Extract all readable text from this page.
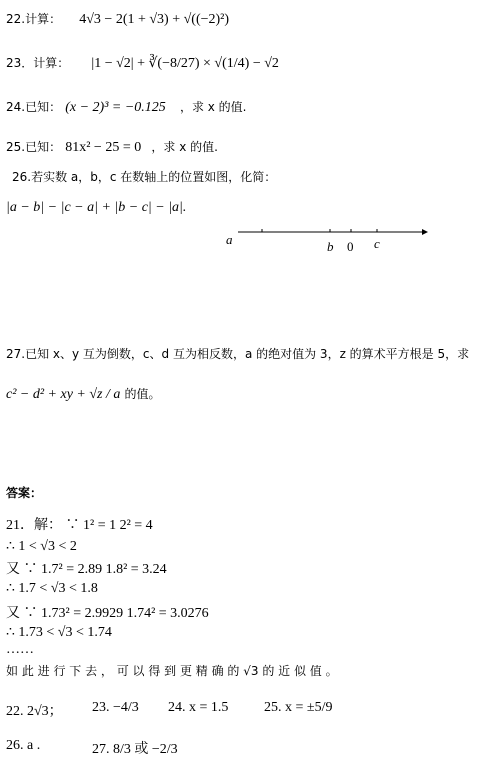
22.计算： 4√3 − 2(1 + √3) + √((−2)²)
23．计算： |1 − √2| + ∛(−8/27) × √(1/4) − √2
24.已知： (x − 2)³ = −0.125 ，求 x 的值.
25.已知： 81x² − 25 = 0 ，求 x 的值.
26.若实数 a，b，c 在数轴上的位置如图，化简：
|a − b| − |c − a| + |b − c| − |a|.
a	b 0 c
27.已知 x、y 互为倒数，c、d 互为相反数，a 的绝对值为 3，z 的算术平方根是 5，求
c² − d² + xy + √z / a 的值。
答案：
21．解： ∵ 1² = 1 2² = 4
∴ 1 < √3 < 2
又 ∵ 1.7² = 2.89 1.8² = 3.24
∴ 1.7 < √3 < 1.8
又 ∵ 1.73² = 2.9929 1.74² = 3.0276
∴ 1.73 < √3 < 1.74
……
如 此 进 行 下 去 ， 可 以 得 到 更 精 确 的 √3 的 近 似 值 。
22. 2√3； 23. −4/3 24. x = 1.5	25. x = ±5/9
26. a .	27. 8/3 或 −2/3
